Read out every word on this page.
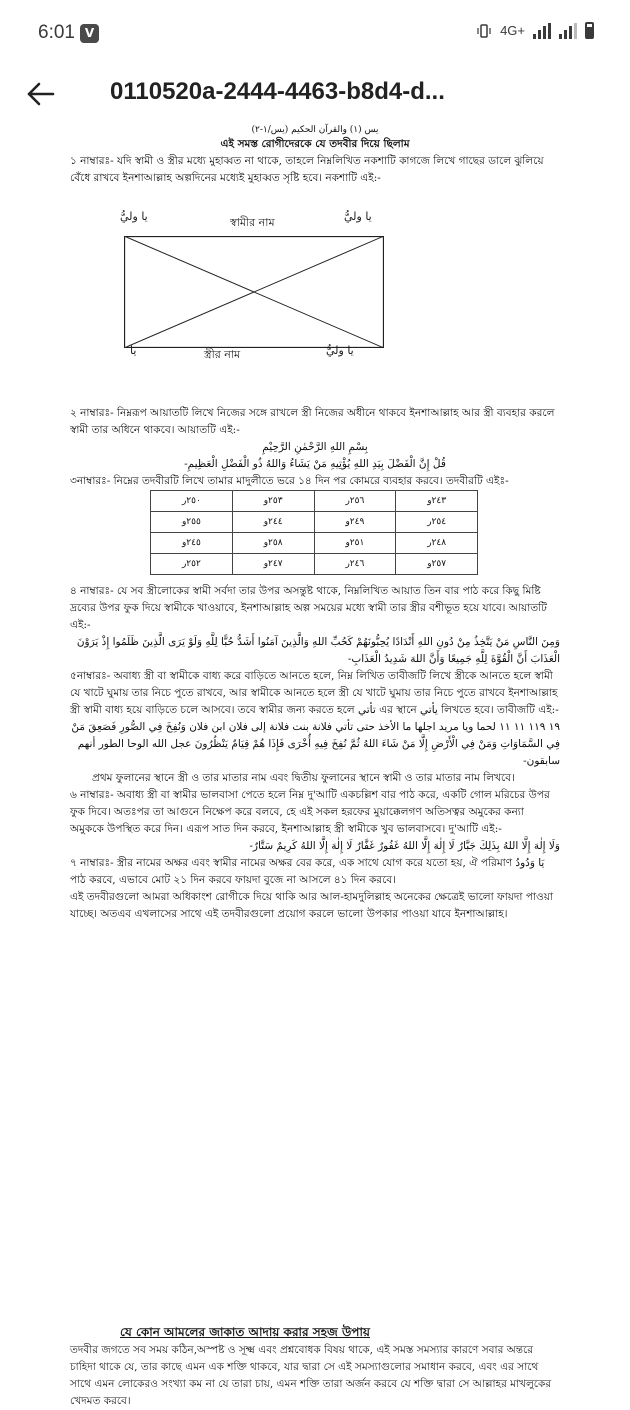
6:01 V	4G+
0110520a-2444-4463-b8d4-d...

يس (١) والقرآن الحكيم (يس/١-٢)

এই সমস্ত রোগীদেরকে যে তদবীর দিয়ে ছিলাম

১ নাম্বারঃ- যদি স্বামী ও স্ত্রীর মধ্যে মুহাব্বত না থাকে, তাহলে নিম্নলিখিত নকশাটি কাগজে লিখে গাছের ডালে ঝুলিয়ে বেঁধে রাখবে ইনশাআল্লাহ অল্পদিনের মধ্যেই মুহাব্বত সৃষ্টি হবে। নকশাটি এই:-

২ নাম্বারঃ- নিম্নরূপ আয়াতটি লিখে নিজের সঙ্গে রাখলে স্ত্রী নিজের অধীনে থাকবে ইনশাআল্লাহ আর স্ত্রী ব্যবহার করলে স্বামী তার অধিনে থাকবে। আয়াতটি এই:-

بِسْمِ اللهِ الرَّحْمٰنِ الرَّحِيْمِ

قُلْ إِنَّ الْفَضْلَ بِيَدِ اللهِ يُؤْتِيهِ مَنْ يَشَاءُ وَاللهُ ذُو الْفَضْلِ الْعَظِيمِ-

৩নাম্বারঃ- নিম্নের তদবীরটি লিখে তামার মাদুলীতে ভরে ১৪ দিন পর কোমরে ব্যবহার করবে। তদবীরটি এইঃ-

٢٤٣و	٢٥٦ر	٢٥٣و	٢٥٠ر
٢٥٤ر	٢٤٩و	٢٤٤و	٢٥٥و
٢٤٨ر	٢٥١و	٢٥٨و	٢٤٥و
٢٥٧و	٢٤٦ر	٢٤٧و	٢٥٢ر

৪ নাম্বারঃ- যে সব স্ত্রীলোকের স্বামী সর্বদা তার উপর অসন্তুষ্ট থাকে, নিম্নলিখিত আয়াত তিন বার পাঠ করে কিছু মিষ্টি দ্রব্যের উপর ফুক দিয়ে স্বামীকে খাওয়াবে, ইনশাআল্লাহ অল্প সময়ের মধ্যে স্বামী তার স্ত্রীর বশীভূত হয়ে যাবে। আয়াতটি এই:-

وَمِنَ النَّاسِ مَنْ يَتَّخِذُ مِنْ دُونِ اللهِ أَنْدَادًا يُحِبُّونَهُمْ كَحُبِّ اللهِ وَالَّذِينَ آمَنُوا أَشَدُّ حُبًّا لِلَّهِ وَلَوْ يَرَى الَّذِينَ ظَلَمُوا إِذْ يَرَوْنَ الْعَذَابَ أَنَّ الْقُوَّةَ لِلَّهِ جَمِيعًا وَأَنَّ اللهَ شَدِيدُ الْعَذَابِ-

৫নাম্বারঃ- অবাধ্য স্ত্রী বা স্বামীকে বাধ্য করে বাড়িতে আনতে হলে, নিম্ন লিখিত তাবীজটি লিখে স্ত্রীকে আনতে হলে স্বামী যে খাটে ঘুমায় তার নিচে পুতে রাখবে, আর স্বামীকে আনতে হলে স্ত্রী যে খাটে ঘুমায় তার নিচে পুতে রাখবে ইনশাআল্লাহ স্ত্রী স্বামী বাধ্য হয়ে বাড়িতে চলে আসবে। তবে স্বামীর জন্য করতে হলে تأتي এর স্থানে يأتي লিখতে হবে। তাবীজটি এই:-

١٩ ١١٩ ١١ ١١ لحما ويا مريد اجلها ما الأخذ حتى تأتي فلانة بنت فلانة إلى فلان ابن فلان وَنُفِخَ فِي الصُّورِ فَصَعِقَ مَنْ فِي السَّمَاوَاتِ وَمَنْ فِي الْأَرْضِ إِلَّا مَنْ شَاءَ اللهُ ثُمَّ نُفِخَ فِيهِ أُخْرَى فَإِذَا هُمْ قِيَامٌ يَنْظُرُونَ عجل الله الوحا الطور أنهم سابقون-

প্রথম ফুলানের স্থানে স্ত্রী ও তার মাতার নাম এবং দ্বিতীয় ফুলানের স্থানে স্বামী ও তার মাতার নাম লিখবে।

৬ নাম্বারঃ- অবাধ্য স্ত্রী বা স্বামীর ভালবাসা পেতে হলে নিম্ন দু'আটি একচল্লিশ বার পাঠ করে, একটি গোল মরিচের উপর ফুক দিবে। অতঃপর তা আগুনে নিক্ষেপ করে বলবে, হে এই সকল হরফের মুয়াক্কেলগণ অতিসত্বর অমুকের কন্যা অমুককে উপস্থিত করে দিন। এরূপ সাত দিন করবে, ইনশাআল্লাহ স্ত্রী স্বামীকে খুব ভালবাসবে। দু'আটি এই:-

وَلَا إِلٰهَ إِلَّا اللهُ بِذَلِكَ جَبَّارٌ لَا إِلٰهَ إِلَّا اللهُ غَفُورٌ غَفَّارٌ لَا إِلٰهَ إِلَّا اللهُ كَرِيمٌ سَتَّارٌ-

৭ নাম্বারঃ- স্ত্রীর নামের অক্ষর এবং স্বামীর নামের অক্ষর বের করে, এক সাথে যোগ করে যতো হয়, ঐ পরিমাণ يَا وَدُودُ পাঠ করবে, এভাবে মোট ২১ দিন করবে ফায়দা বুজে না আসলে ৪১ দিন করবে।

এই তদবীরগুলো আমরা অধিকাংশ রোগীকে দিয়ে থাকি আর আল-হামদুলিল্লাহ অনেকের ক্ষেত্রেই ভালো ফায়দা পাওয়া যাচ্ছে। অতএব এখলাসের সাথে এই তদবীরগুলো প্রয়োগ করলে ভালো উপকার পাওয়া যাবে ইনশাআল্লাহ।

يا وليُّ	স্বামীর নাম	يا وليُّ
يا	স্ত্রীর নাম	يا وليُّ
যে কোন আমলের জাকাত আদায় করার সহজ উপায়

তদবীর জগতে সব সময় কঠিন,অস্পষ্ট ও সূক্ষ্ম এবং প্রশ্নবোধক বিষয় থাকে, এই সমস্ত সমস্যার কারণে সবার অন্তরে চাহিদা থাকে যে, তার কাছে এমন এক শক্তি থাকবে, যার দ্বারা সে এই সমস্যাগুলোর সমাধান করবে, এবং এর সাথে সাথে এমন লোকেরও সংখ্যা কম না যে তারা চায়, এমন শক্তি তারা অর্জন করবে যে শক্তি দ্বারা সে আল্লাহর মাখলুকের খেদমত করবে।
